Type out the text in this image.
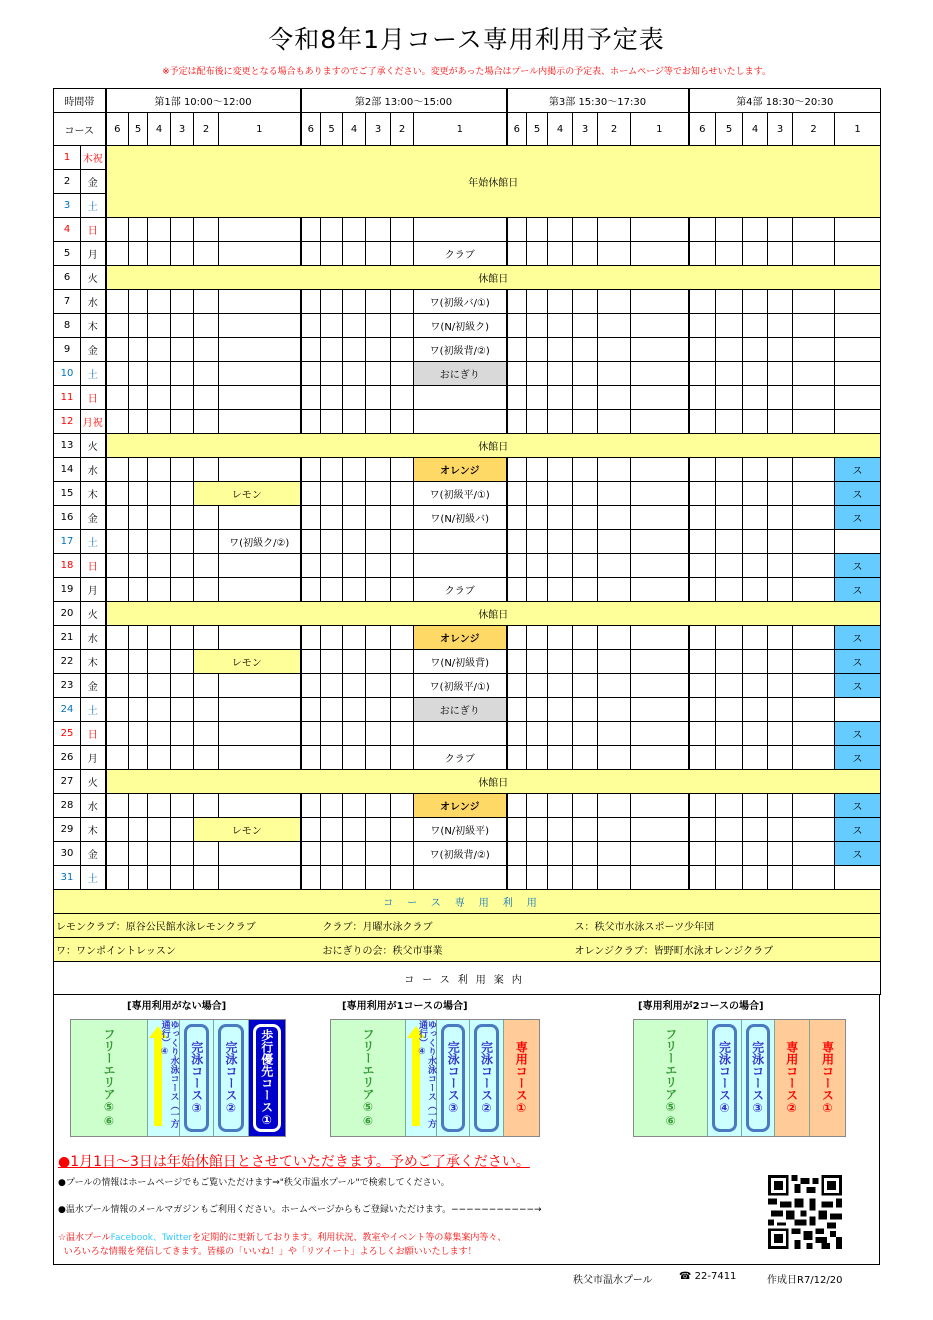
令和8年1月コース専用利用予定表
※予定は配布後に変更となる場合もありますのでご了承ください。変更があった場合はプール内掲示の予定表、ホームページ等でお知らせいたします。
時間帯		第1部 10:00～12:00						第2部 13:00～15:00						第3部 15:30～17:30						第4部 18:30～20:30					
コース		6	5	4	3	2	1	6	5	4	3	2	1	6	5	4	3	2	1	6	5	4	3	2	1
1	木祝	年始休館日																							
2	金																								
3	土																								
4	日																								
5	月												クラブ												
6	火	休館日																							
7	水												ワ(初級バ/①)												
8	木												ワ(N/初級ク)												
9	金												ワ(初級背/②)												
10	土												おにぎり												
11	日																								
12	月祝																								
13	火	休館日																							
14	水												オレンジ												ス
15	木					レモン							ワ(初級平/①)												ス
16	金												ワ(N/初級バ)												ス
17	土						ワ(初級ク/②)																		
18	日																								ス
19	月												クラブ												ス
20	火	休館日																							
21	水												オレンジ												ス
22	木					レモン							ワ(N/初級背)												ス
23	金												ワ(初級平/①)												ス
24	土												おにぎり												
25	日																								ス
26	月												クラブ												ス
27	火	休館日																							
28	水												オレンジ												ス
29	木					レモン							ワ(N/初級平)												ス
30	金												ワ(初級背/②)												ス
31	土																								
コース専用利用																									
レモンクラブ：原谷公民館水泳レモンクラブ									クラブ：月曜水泳クラブ								ス：秩父市水泳スポーツ少年団								
ワ：ワンポイントレッスン									おにぎりの会：秩父市事業								オレンジクラブ：皆野町水泳オレンジクラブ								
コース利用案内																									
[専用利用がない場合]
フリーエリア⑤⑥	ゆっくり水泳コース（一方通行）④
完泳コース③ 完泳コース② 歩行優先コース①
[専用利用が1コースの場合]
フリーエリア⑤⑥	ゆっくり水泳コース（一方通行）④
完泳コース③ 完泳コース② 専用コース①
[専用利用が2コースの場合]
フリーエリア⑤⑥	完泳コース④ 完泳コース③ 専用コース② 専用コース①
●1月1日～3日は年始休館日とさせていただきます。予めご了承ください。
●プールの情報はホームページでもご覧いただけます⇒"秩父市温水プール"で検索してください。
●温水プール情報のメールマガジンもご利用ください。ホームページからもご登録いただけます。−−−−−−−−−−−→
☆温水プールFacebook、Twitterを定期的に更新しております。利用状況、教室やイベント等の募集案内等々、
いろいろな情報を発信してきます。皆様の「いいね！」や「リツイート」よろしくお願いいたします！
秩父市温水プール	☎ 22-7411	作成日R7/12/20
